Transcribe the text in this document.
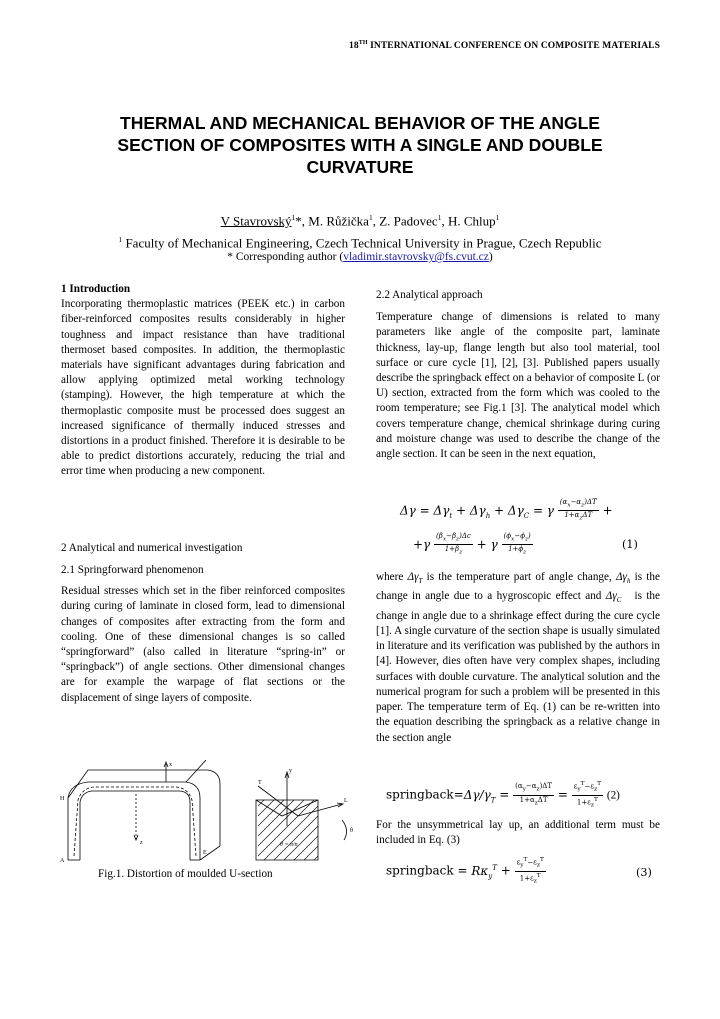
18TH INTERNATIONAL CONFERENCE ON COMPOSITE MATERIALS
THERMAL AND MECHANICAL BEHAVIOR OF THE ANGLE
SECTION OF COMPOSITES WITH A SINGLE AND DOUBLE
CURVATURE
V Stavrovský$^1$*, M. Růžička$^1$, Z. Padovec$^1$, H. Chlup$^1$
$^1$ Faculty of Mechanical Engineering, Czech Technical University in Prague, Czech Republic
* Corresponding author (vladimir.stavrovsky@fs.cvut.cz)

1 Introduction

Incorporating thermoplastic matrices (PEEK etc.) in carbon fiber-reinforced composites results considerably in higher toughness and impact resistance than have traditional thermoset based composites. In addition, the thermoplastic materials have significant advantages during fabrication and allow applying optimized metal working technology (stamping). However, the high temperature at which the thermoplastic composite must be processed does suggest an increased significance of thermally induced stresses and distortions in a product finished. Therefore it is desirable to be able to predict distortions accurately, reducing the trial and error time when producing a new component.

2 Analytical and numerical investigation

2.1 Springforward phenomenon

Residual stresses which set in the fiber reinforced composites during curing of laminate in closed form, lead to dimensional changes of composites after extracting from the form and cooling. One of these dimensional changes is so called “springforward” (also called in literature “spring-in” or “springback”) of angle sections. Other dimensional changes are for example the warpage of flat sections or the displacement of singe layers of composite.

x
z
A
E
H
T
y
L
θ
θ = π/n
Fig.1. Distortion of moulded U-section

2.2 Analytical approach

Temperature change of dimensions is related to many parameters like angle of the composite part, laminate thickness, lay-up, flange length but also tool material, tool surface or cure cycle [1], [2], [3]. Published papers usually describe the springback effect on a behavior of composite L (or U) section, extracted from the form which was cooled to the room temperature; see Fig.1 [3]. The analytical model which covers temperature change, chemical shrinkage during curing and moisture change was used to describe the change of the angle section. It can be seen in the next equation,

$\Delta\gamma = \Delta\gamma_t + \Delta\gamma_h + \Delta\gamma_C = \gamma \frac{(\alpha_x-\alpha_z)\Delta T}{1+\alpha_z\Delta T}$ +
$+\gamma \frac{(\beta_x-\beta_z)\Delta c}{1+\beta_z} + \gamma \frac{(\phi_x-\phi_z)}{1+\phi_z}$	(1)

where $\Delta\gamma_T$ is the temperature part of angle change, $\Delta\gamma_h$ is the change in angle due to a hygroscopic effect and $\Delta\gamma_C$   is the change in angle due to a shrinkage effect during the cure cycle [1]. A single curvature of the section shape is usually simulated in literature and its verification was published by the authors in [4]. However, dies often have very complex shapes, including surfaces with double curvature. The analytical solution and the numerical program for such a problem will be presented in this paper. The temperature term of Eq. (1) can be re-written into the equation describing the springback as a relative change in the section angle

$springback=\Delta\gamma/\gamma_T = \frac{(\alpha_y-\alpha_z)\Delta T}{1+\alpha_z\Delta T} = \frac{\varepsilon_y^T-\varepsilon_z^T}{1+\varepsilon_z^T} (2)$

For the unsymmetrical lay up, an additional term must be included in Eq. (3)

springback = $R\kappa_y^T + \frac{\varepsilon_y^T-\varepsilon_z^T}{1+\varepsilon_z^T}$	(3)
